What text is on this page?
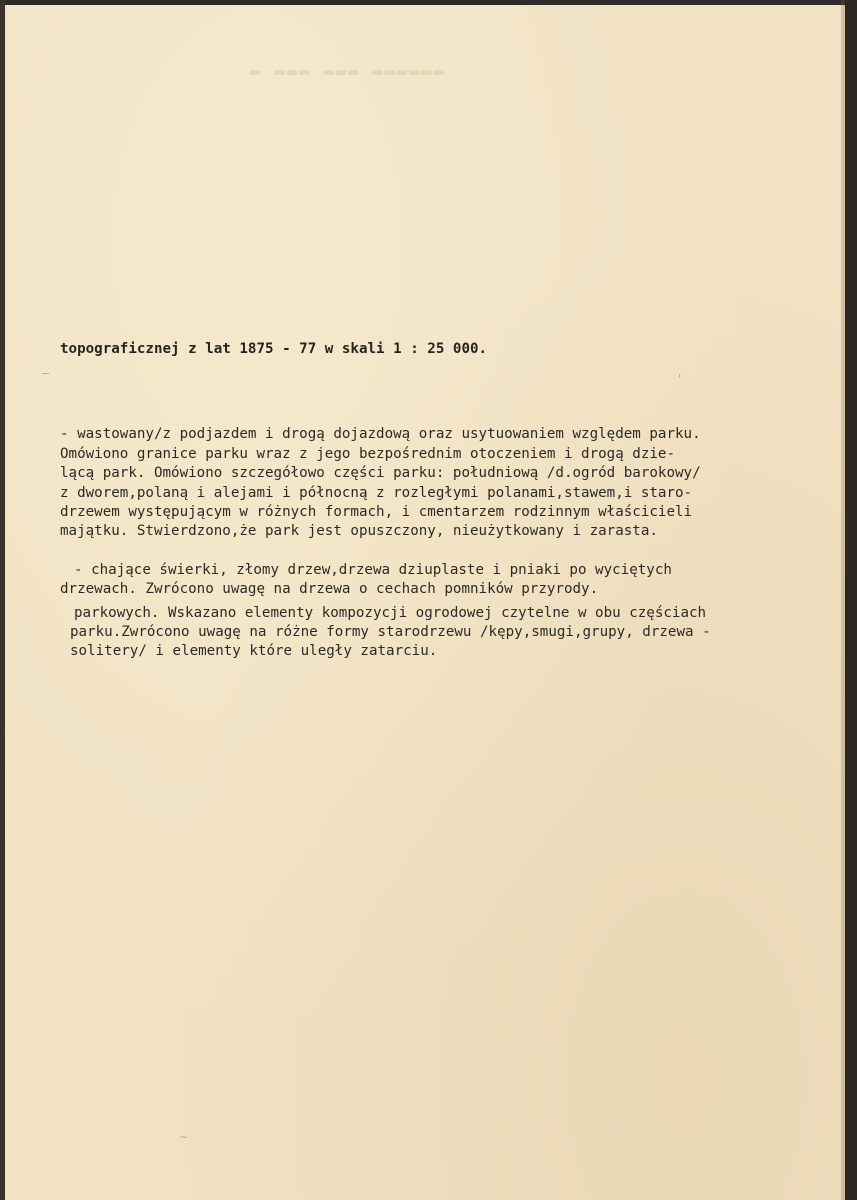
▬ ▬▬▬ ▬▬▬ ▬▬▬▬▬▬
topograficznej z lat 1875 - 77 w skali 1 : 25 000.
- wastowany/z podjazdem i drogą dojazdową oraz usytuowaniem względem parku.
Omówiono granice parku wraz z jego bezpośrednim otoczeniem i drogą dzie-
lącą park. Omówiono szczegółowo części parku: południową /d.ogród barokowy/
z dworem,polaną i alejami i północną z rozległymi polanami,stawem,i staro-
drzewem występującym w różnych formach, i cmentarzem rodzinnym właścicieli
majątku. Stwierdzono,że park jest opuszczony, nieużytkowany i zarasta.
- chające świerki, złomy drzew,drzewa dziuplaste i pniaki po wyciętych
drzewach. Zwrócono uwagę na drzewa o cechach pomników przyrody.
parkowych. Wskazano elementy kompozycji ogrodowej czytelne w obu częściach
parku.Zwrócono uwagę na różne formy starodrzewu /kępy,smugi,grupy, drzewa -
solitery/ i elementy które uległy zatarciu.
—
~
'
